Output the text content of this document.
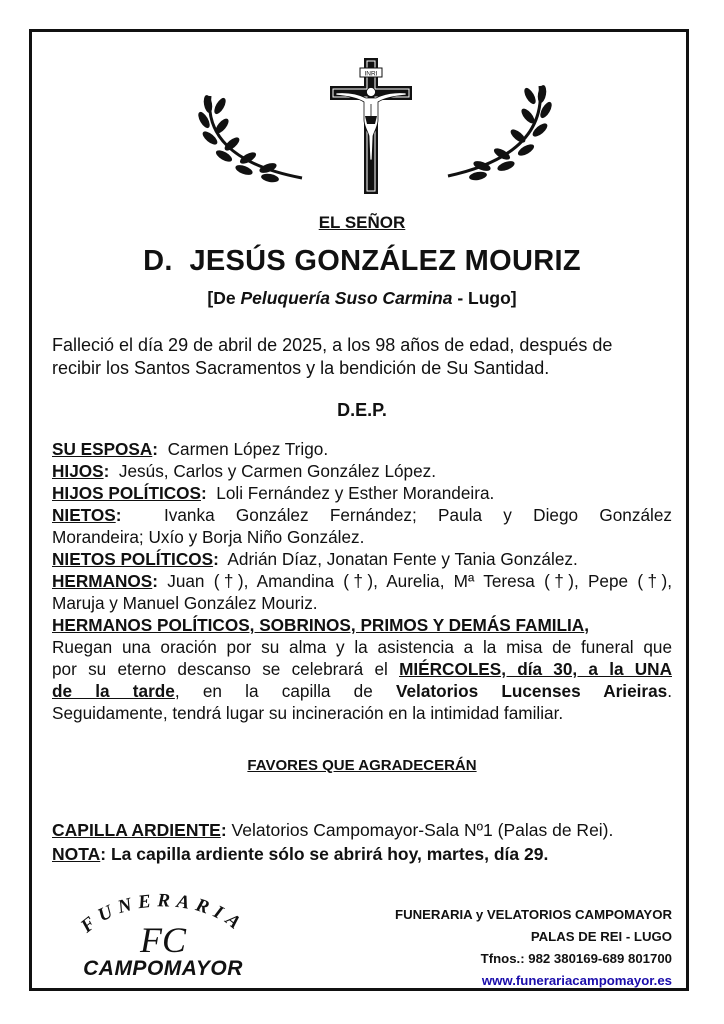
INRI
EL SEÑOR
D.  JESÚS GONZÁLEZ MOURIZ
[De Peluquería Suso Carmina - Lugo]
Falleció el día 29 de abril de 2025, a los 98 años de edad, después de
recibir los Santos Sacramentos y la bendición de Su Santidad.
D.E.P.
SU ESPOSA: Carmen López Trigo.
HIJOS: Jesús, Carlos y Carmen González López.
HIJOS POLÍTICOS: Loli Fernández y Esther Morandeira.
NIETOS: Ivanka González Fernández; Paula y Diego González
Morandeira; Uxío y Borja Niño González.
NIETOS POLÍTICOS: Adrián Díaz, Jonatan Fente y Tania González.
HERMANOS: Juan (†), Amandina (†), Aurelia, Mª Teresa (†), Pepe (†),
Maruja y Manuel González Mouriz.
HERMANOS POLÍTICOS, SOBRINOS, PRIMOS Y DEMÁS FAMILIA,
Ruegan una oración por su alma y la asistencia a la misa de funeral que
por su eterno descanso se celebrará el MIÉRCOLES, día 30, a la UNA
de la tarde, en la capilla de Velatorios Lucenses Arieiras.
Seguidamente, tendrá lugar su incineración en la intimidad familiar.
FAVORES QUE AGRADECERÁN
CAPILLA ARDIENTE: Velatorios Campomayor-Sala Nº1 (Palas de Rei).
NOTA: La capilla ardiente sólo se abrirá hoy, martes, día 29.
FUNERARIA
FC
CAMPOMAYOR
FUNERARIA y VELATORIOS CAMPOMAYOR
PALAS DE REI - LUGO
Tfnos.: 982 380169-689 801700
www.funerariacampomayor.es
